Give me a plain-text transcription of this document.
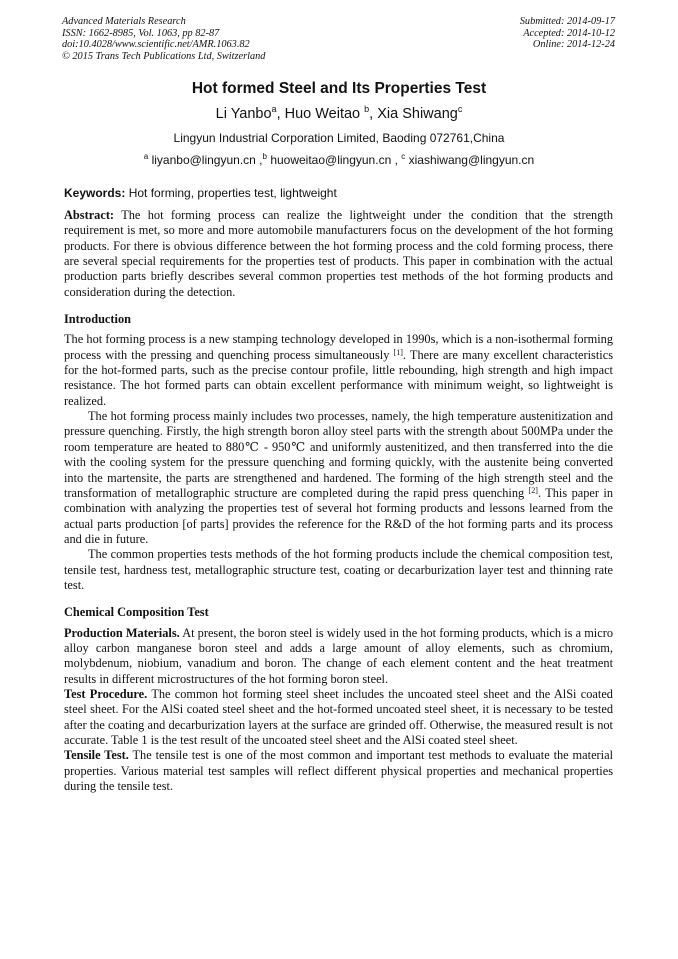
Advanced Materials Research
ISSN: 1662-8985, Vol. 1063, pp 82-87
doi:10.4028/www.scientific.net/AMR.1063.82
© 2015 Trans Tech Publications Ltd, Switzerland
Submitted: 2014-09-17
Accepted: 2014-10-12
Online: 2014-12-24
Hot formed Steel and Its Properties Test
Li Yanbo$^a$, Huo Weitao $^b$, Xia Shiwang$^c$
Lingyun Industrial Corporation Limited, Baoding 072761,China
$^a$ liyanbo@lingyun.cn ,$^b$ huoweitao@lingyun.cn , $^c$ xiashiwang@lingyun.cn
Keywords: Hot forming, properties test, lightweight

Abstract: The hot forming process can realize the lightweight under the condition that the strength requirement is met, so more and more automobile manufacturers focus on the development of the hot forming products. For there is obvious difference between the hot forming process and the cold forming process, there are several special requirements for the properties test of products. This paper in combination with the actual production parts briefly describes several common properties test methods of the hot forming products and consideration during the detection.

Introduction

The hot forming process is a new stamping technology developed in 1990s, which is a non-isothermal forming process with the pressing and quenching process simultaneously [1]. There are many excellent characteristics for the hot-formed parts, such as the precise contour profile, little rebounding, high strength and high impact resistance. The hot formed parts can obtain excellent performance with minimum weight, so lightweight is realized.

The hot forming process mainly includes two processes, namely, the high temperature austenitization and pressure quenching. Firstly, the high strength boron alloy steel parts with the strength about 500MPa under the room temperature are heated to 880℃ - 950℃ and uniformly austenitized, and then transferred into the die with the cooling system for the pressure quenching and forming quickly, with the austenite being converted into the martensite, the parts are strengthened and hardened. The forming of the high strength steel and the transformation of metallographic structure are completed during the rapid press quenching [2]. This paper in combination with analyzing the properties test of several hot forming products and lessons learned from the actual parts production [of parts] provides the reference for the R&D of the hot forming parts and its process and die in future.

The common properties tests methods of the hot forming products include the chemical composition test, tensile test, hardness test, metallographic structure test, coating or decarburization layer test and thinning rate test.

Chemical Composition Test

Production Materials. At present, the boron steel is widely used in the hot forming products, which is a micro alloy carbon manganese boron steel and adds a large amount of alloy elements, such as chromium, molybdenum, niobium, vanadium and boron. The change of each element content and the heat treatment results in different microstructures of the hot forming boron steel.

Test Procedure. The common hot forming steel sheet includes the uncoated steel sheet and the AlSi coated steel sheet. For the AlSi coated steel sheet and the hot-formed uncoated steel sheet, it is necessary to be tested after the coating and decarburization layers at the surface are grinded off. Otherwise, the measured result is not accurate. Table 1 is the test result of the uncoated steel sheet and the AlSi coated steel sheet.

Tensile Test. The tensile test is one of the most common and important test methods to evaluate the material properties. Various material test samples will reflect different physical properties and mechanical properties during the tensile test.
